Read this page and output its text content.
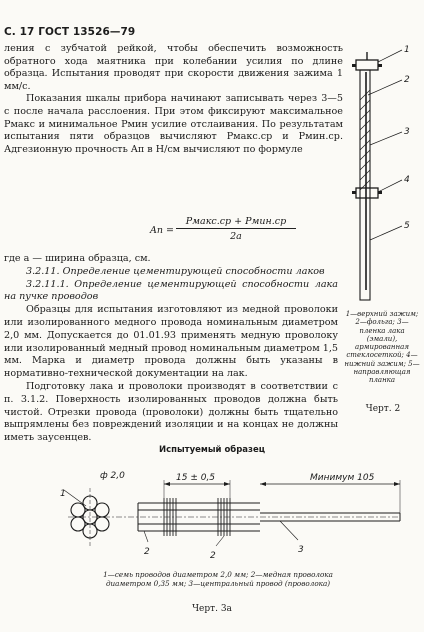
С. 17 ГОСТ 13526—79

ления с зубчатой рейкой, чтобы обеспечить возможность обратного хода маятника при колебании усилия по длине образца. Испытания проводят при скорости движения зажима 1 мм/с.

Показания шкалы прибора начинают записывать через 3—5 с после начала расслоения. При этом фиксируют максимальное Pмакс и минимальное Pмин усилие отслаивания. По результатам испытания пяти образцов вычисляют Pмакс.ср и Pмин.ср. Адгезионную прочность Aп в Н/см вычисляют по формуле

Aп =
Pмакс.ср + Pмин.ср
2a

где a — ширина образца, см.

3.2.11. Определение цементирующей способности лаков

3.2.11.1. Определение цементирующей способности лака на пучке проводов

Образцы для испытания изготовляют из медной проволоки или изолированного медного провода номинальным диаметром 2,0 мм. Допускается до 01.01.93 применять медную проволоку или изолированный медный провод номинальным диаметром 1,5 мм. Марка и диаметр провода должны быть указаны в нормативно-технической документации на лак.

Подготовку лака и проволоки производят в соответствии с п. 3.1.2. Поверхность изолированных проводов должна быть чистой. Отрезки провода (проволоки) должны быть тщательно выпрямлены без повреждений изоляции и на концах не должны иметь заусенцев.

1
2
3
4
5
1—верхний зажим; 2—фольга; 3—пленка лака (эмали), армированная стеклосеткой; 4—нижний зажим; 5—направляющая планка
Черт. 2
Испытуемый образец
15 ± 0,5	Минимум 105
ф 2,0
1
2	2
3
1—семь проводов диаметром 2,0 мм; 2—медная проволока
диаметром 0,35 мм; 3—центральный провод (проволока)
Черт. 3а
